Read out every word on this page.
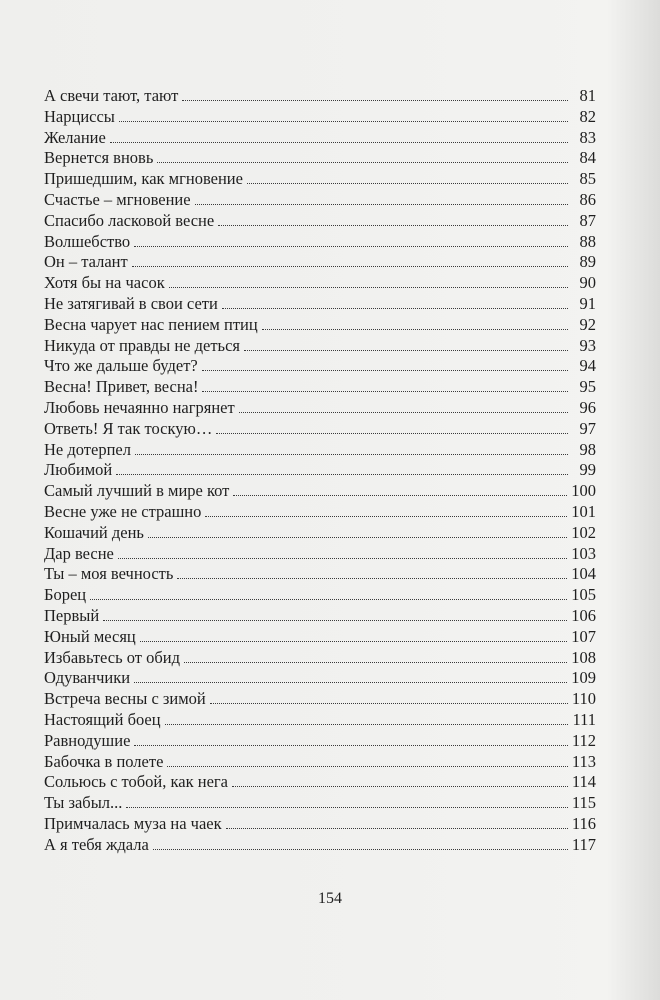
А свечи тают, тают	81
Нарциссы	82
Желание	83
Вернется вновь	84
Пришедшим, как мгновение	85
Счастье – мгновение	86
Спасибо ласковой весне	87
Волшебство	88
Он – талант	89
Хотя бы на часок	90
Не затягивай в свои сети	91
Весна чарует нас пением птиц	92
Никуда от правды не деться	93
Что же дальше будет?	94
Весна! Привет, весна!	95
Любовь нечаянно нагрянет	96
Ответь! Я так тоскую…	97
Не дотерпел	98
Любимой	99
Самый лучший в мире кот	100
Весне уже не страшно	101
Кошачий день	102
Дар весне	103
Ты – моя вечность	104
Борец	105
Первый	106
Юный месяц	107
Избавьтесь от обид	108
Одуванчики	109
Встреча весны с зимой	110
Настоящий боец	111
Равнодушие	112
Бабочка в полете	113
Сольюсь с тобой, как нега	114
Ты забыл...	115
Примчалась муза на чаек	116
А я тебя ждала	117
154
